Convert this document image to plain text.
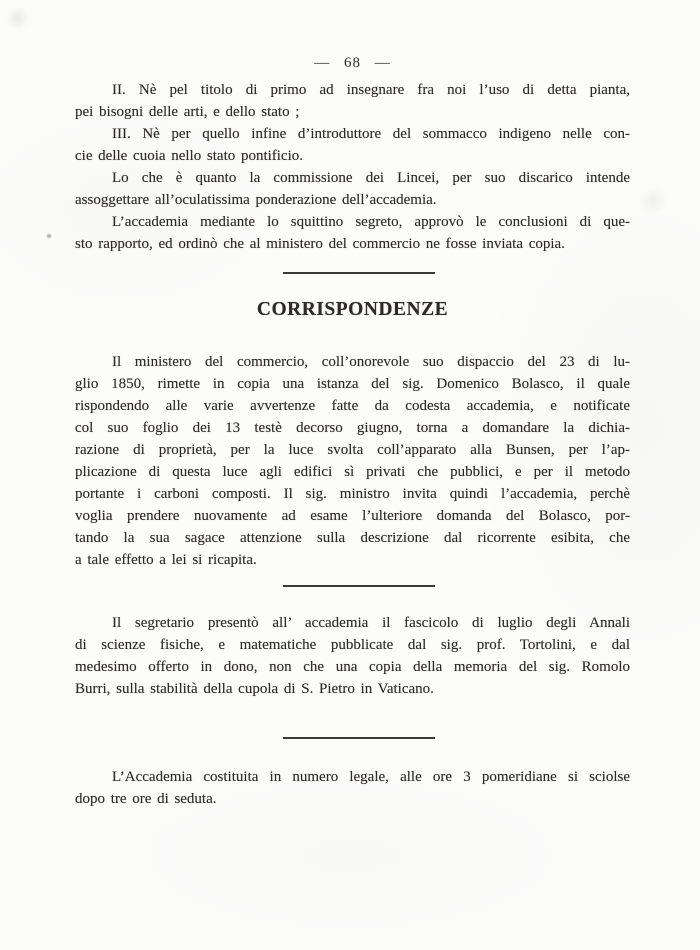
— 68 —

II. Nè pel titolo di primo ad insegnare fra noi l’uso di detta pianta,
pei bisogni delle arti, e dello stato ;

III. Nè per quello infine d’introduttore del sommacco indigeno nelle con-
cie delle cuoia nello stato pontificio.

Lo che è quanto la commissione dei Lincei, per suo discarico intende
assoggettare all’oculatissima ponderazione dell’accademia.

L’accademia mediante lo squittino segreto, approvò le conclusioni di que-
sto rapporto, ed ordinò che al ministero del commercio ne fosse inviata copia.

CORRISPONDENZE

Il ministero del commercio, coll’onorevole suo dispaccio del 23 di lu-
glio 1850, rimette in copia una istanza del sig. Domenico Bolasco, il quale
rispondendo alle varie avvertenze fatte da codesta accademia, e notificate
col suo foglio dei 13 testè decorso giugno, torna a domandare la dichia-
razione di proprietà, per la luce svolta coll’apparato alla Bunsen, per l’ap-
plicazione di questa luce agli edifici sì privati che pubblici, e per il metodo
portante i carboni composti. Il sig. ministro invita quindi l’accademia, perchè
voglia prendere nuovamente ad esame l’ulteriore domanda del Bolasco, por-
tando la sua sagace attenzione sulla descrizione dal ricorrente esibita, che
a tale effetto a lei si ricapita.

Il segretario presentò all’ accademia il fascicolo di luglio degli Annali
di scienze fisiche, e matematiche pubblicate dal sig. prof. Tortolini, e dal
medesimo offerto in dono, non che una copia della memoria del sig. Romolo
Burri, sulla stabilità della cupola di S. Pietro in Vaticano.

L’Accademia costituita in numero legale, alle ore 3 pomeridiane si sciolse
dopo tre ore di seduta.
